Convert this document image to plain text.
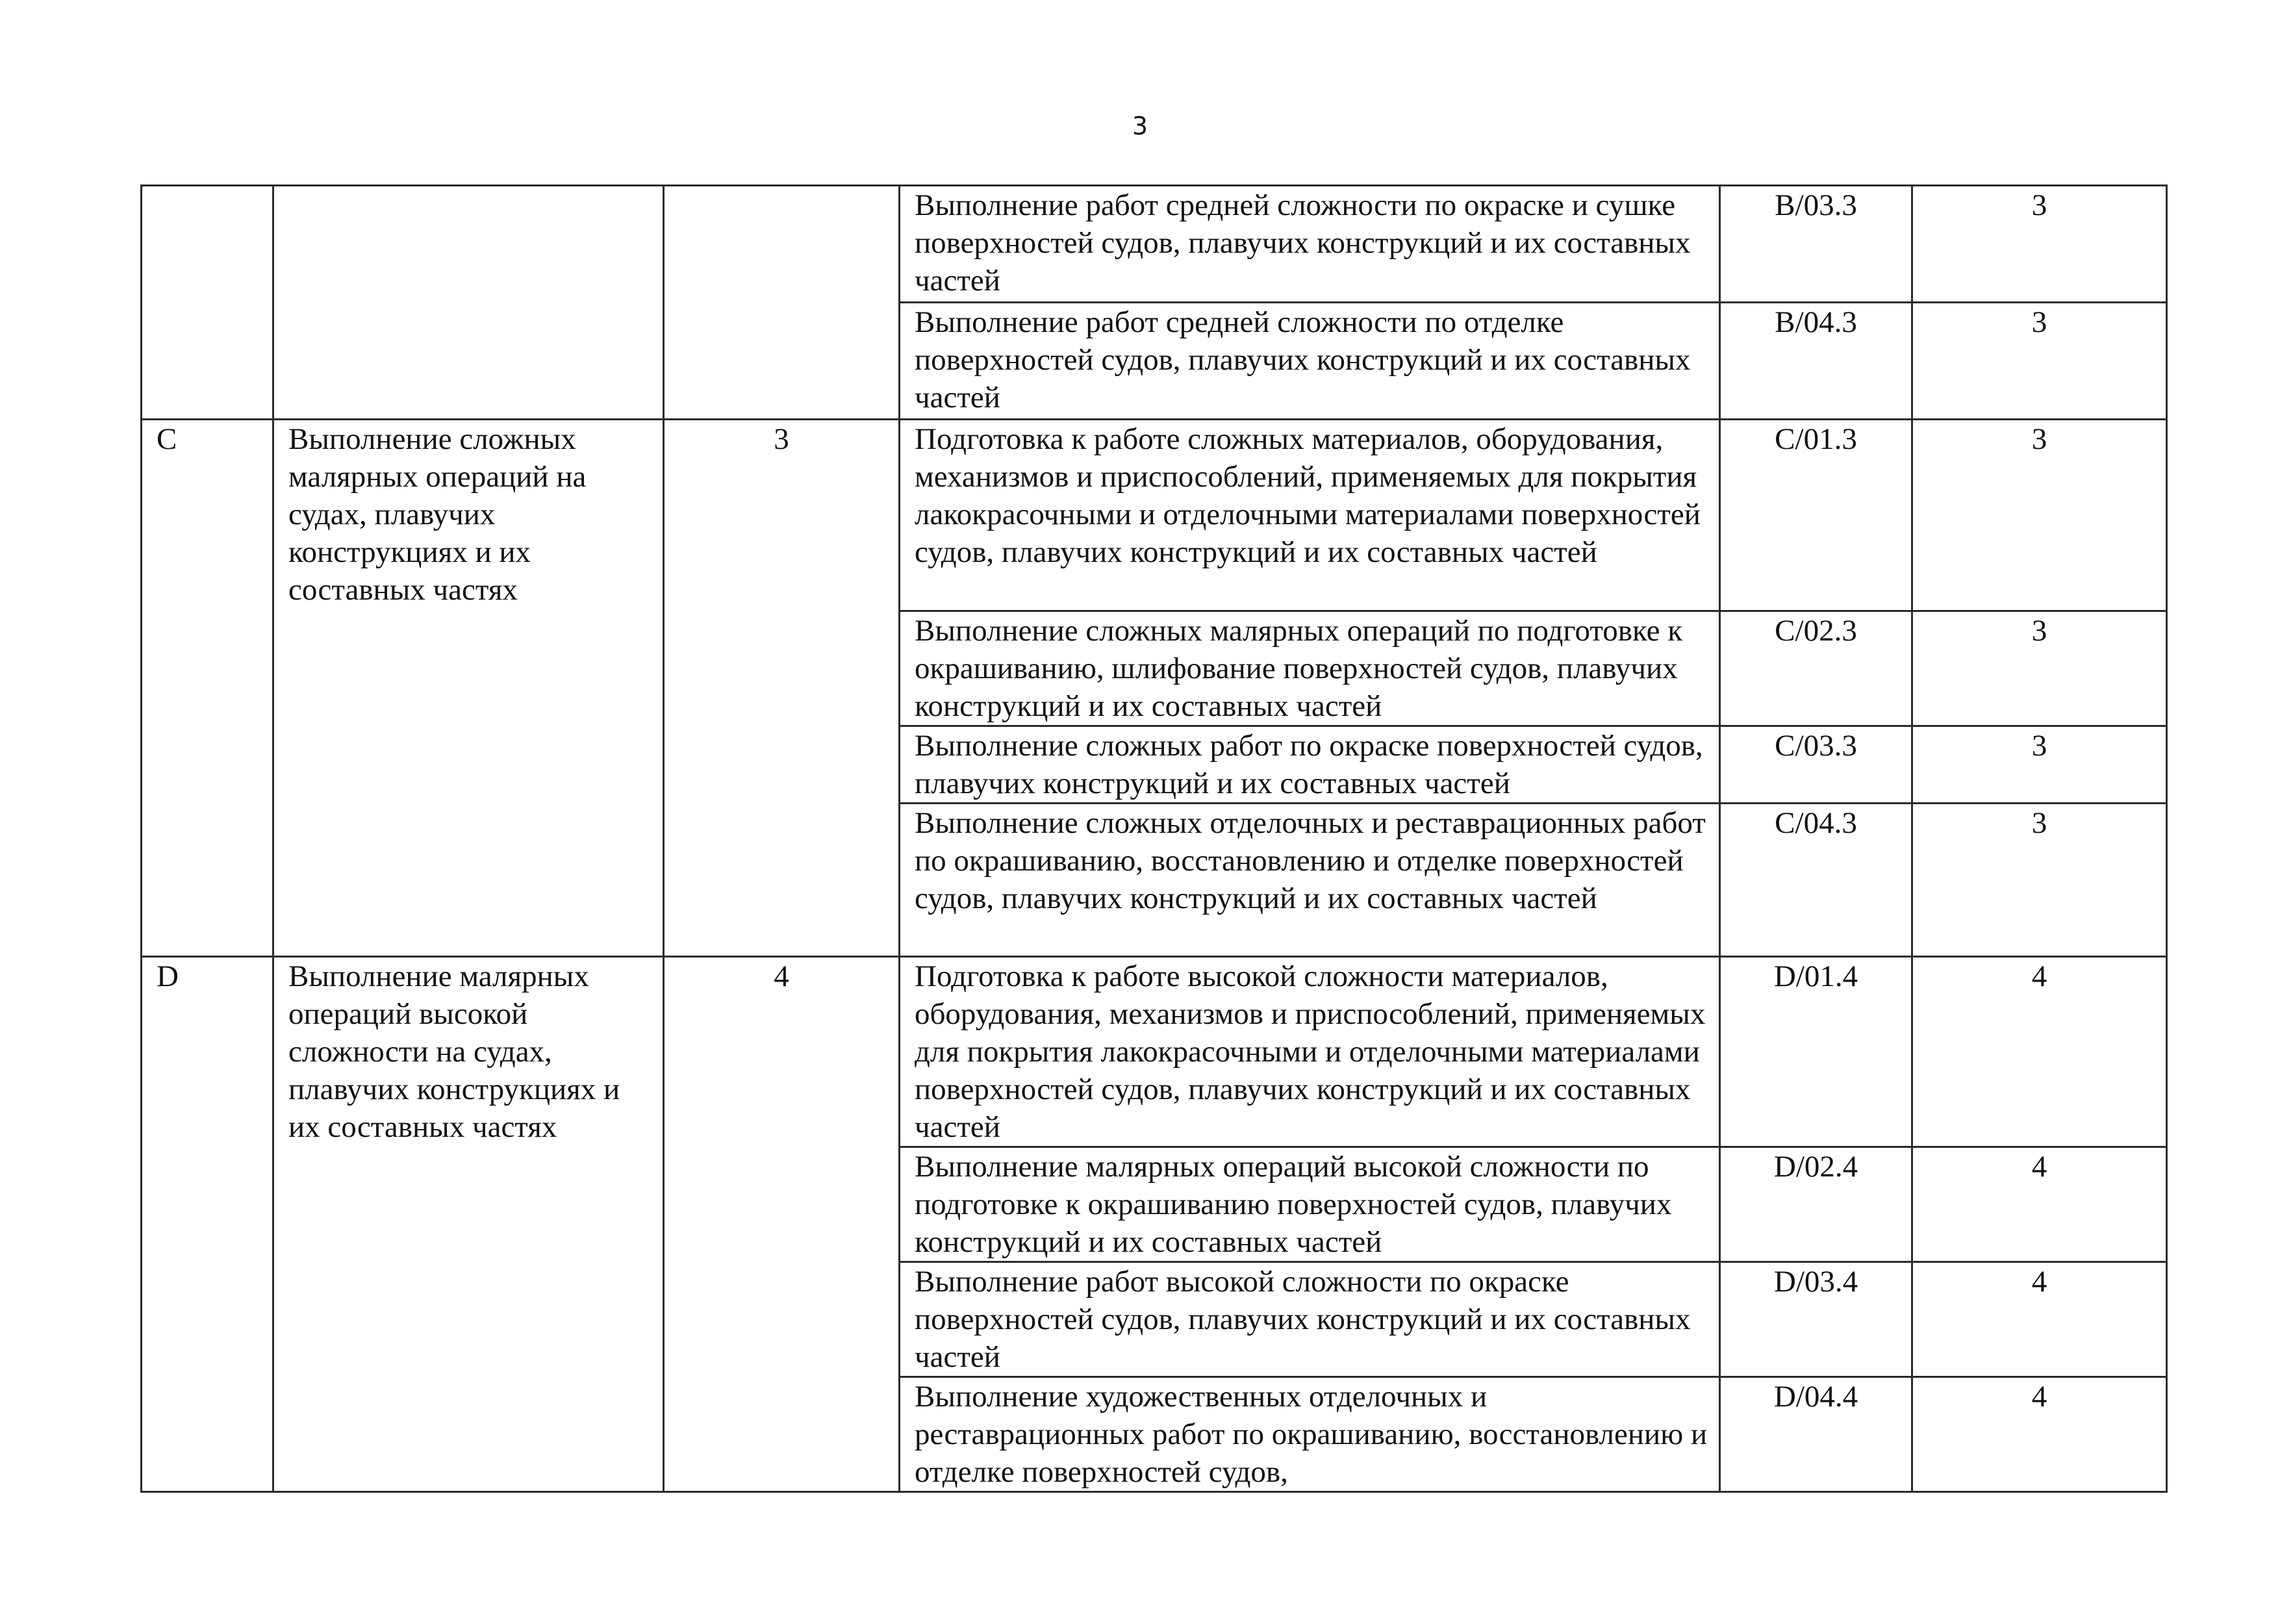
3
			Выполнение работ средней сложности по окраске и сушке поверхностей судов, плавучих конструкций и их составных частей	B/03.3	3
			Выполнение работ средней сложности по отделке поверхностей судов, плавучих конструкций и их составных частей	B/04.3	3
C	Выполнение сложных малярных операций на судах, плавучих конструкциях и их составных частях	3	Подготовка к работе сложных материалов, оборудования, механизмов и приспособлений, применяемых для покрытия лакокрасочными и отделочными материалами поверхностей судов, плавучих конструкций и их составных частей	C/01.3	3
			Выполнение сложных малярных операций по подготовке к окрашиванию, шлифование поверхностей судов, плавучих конструкций и их составных частей	C/02.3	3
			Выполнение сложных работ по окраске поверхностей судов, плавучих конструкций и их составных частей	C/03.3	3
			Выполнение сложных отделочных и реставрационных работ по окрашиванию, восстановлению и отделке поверхностей судов, плавучих конструкций и их составных частей	C/04.3	3
D	Выполнение малярных операций высокой сложности на судах, плавучих конструкциях и их составных частях	4	Подготовка к работе высокой сложности материалов, оборудования, механизмов и приспособлений, применяемых для покрытия лакокрасочными и отделочными материалами поверхностей судов, плавучих конструкций и их составных частей	D/01.4	4
			Выполнение малярных операций высокой сложности по подготовке к окрашиванию поверхностей судов, плавучих конструкций и их составных частей	D/02.4	4
			Выполнение работ высокой сложности по окраске поверхностей судов, плавучих конструкций и их составных частей	D/03.4	4
			Выполнение художественных отделочных и реставрационных работ по окрашиванию, восстановлению и отделке поверхностей судов,	D/04.4	4
